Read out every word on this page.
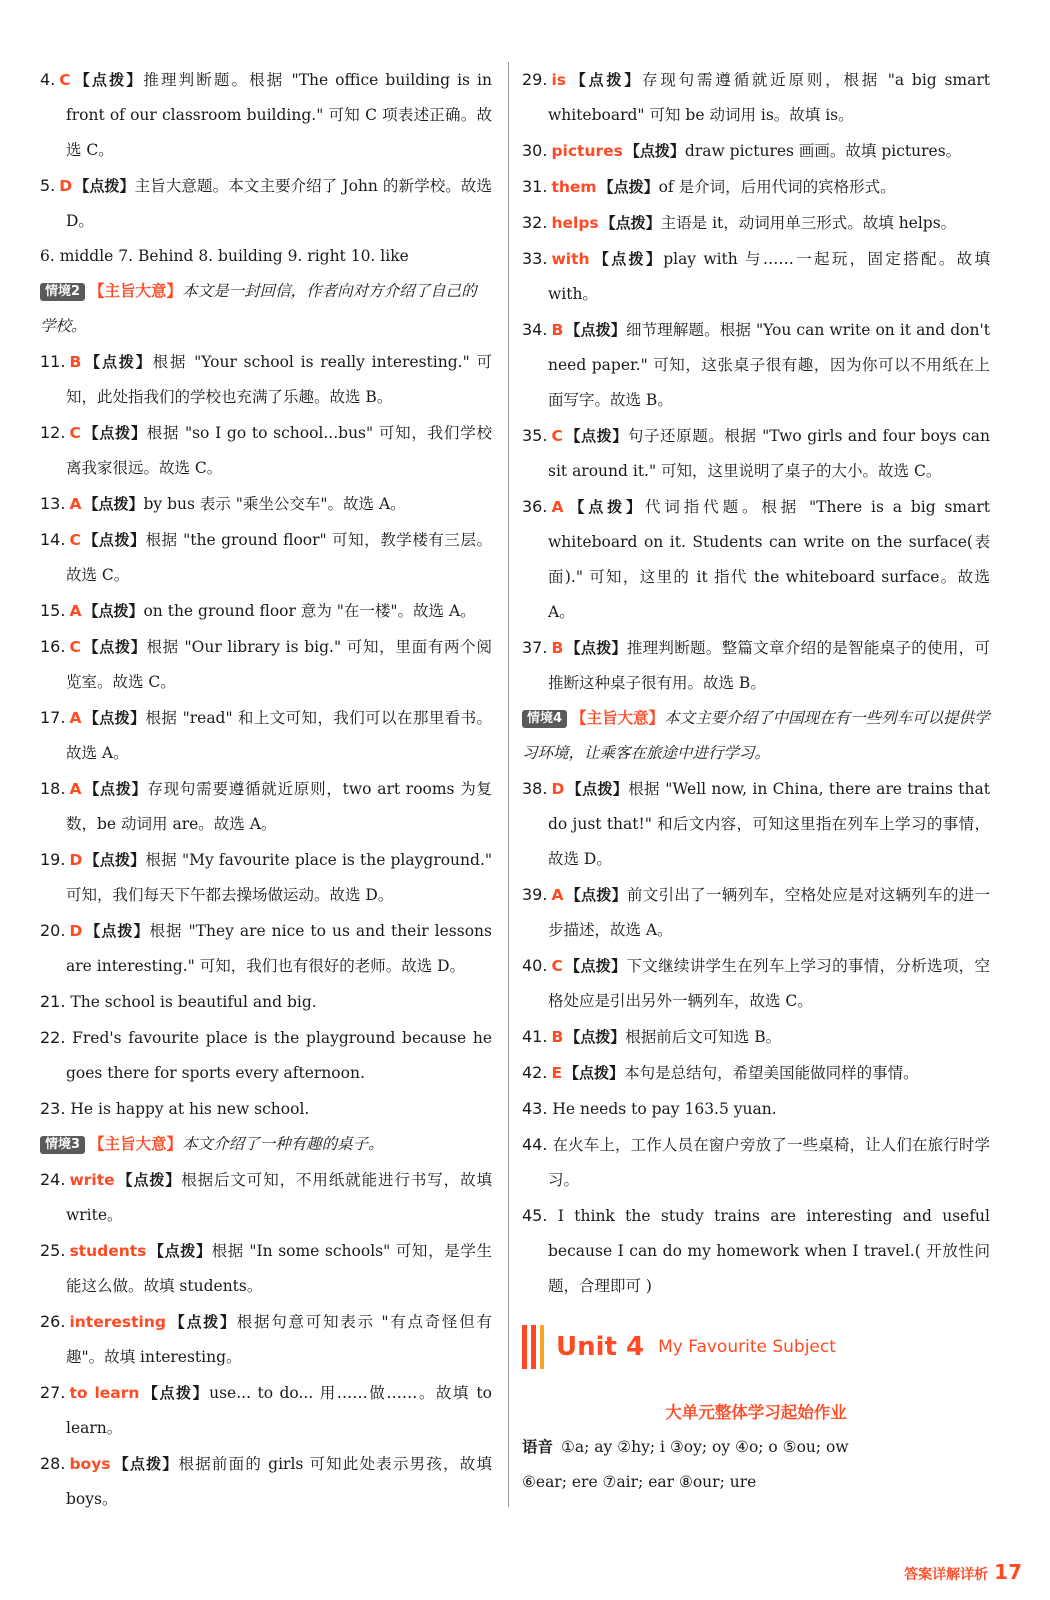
4. C 【点拨】推理判断题。根据 "The office building is in front of our classroom building." 可知 C 项表述正确。故选 C。
5. D 【点拨】主旨大意题。本文主要介绍了 John 的新学校。故选 D。
6. middle 7. Behind 8. building 9. right 10. like
情境2 【主旨大意】本文是一封回信，作者向对方介绍了自己的学校。
11. B 【点拨】根据 "Your school is really interesting." 可知，此处指我们的学校也充满了乐趣。故选 B。
12. C 【点拨】根据 "so I go to school...bus" 可知，我们学校离我家很远。故选 C。
13. A 【点拨】by bus 表示 "乘坐公交车"。故选 A。
14. C 【点拨】根据 "the ground floor" 可知，教学楼有三层。故选 C。
15. A 【点拨】on the ground floor 意为 "在一楼"。故选 A。
16. C 【点拨】根据 "Our library is big." 可知，里面有两个阅览室。故选 C。
17. A 【点拨】根据 "read" 和上文可知，我们可以在那里看书。故选 A。
18. A 【点拨】存现句需要遵循就近原则，two art rooms 为复数，be 动词用 are。故选 A。
19. D 【点拨】根据 "My favourite place is the playground." 可知，我们每天下午都去操场做运动。故选 D。
20. D 【点拨】根据 "They are nice to us and their lessons are interesting." 可知，我们也有很好的老师。故选 D。
21. The school is beautiful and big.
22. Fred's favourite place is the playground because he goes there for sports every afternoon.
23. He is happy at his new school.
情境3 【主旨大意】本文介绍了一种有趣的桌子。
24. write 【点拨】根据后文可知，不用纸就能进行书写，故填 write。
25. students 【点拨】根据 "In some schools" 可知，是学生能这么做。故填 students。
26. interesting 【点拨】根据句意可知表示 "有点奇怪但有趣"。故填 interesting。
27. to learn 【点拨】use... to do... 用……做……。故填 to learn。
28. boys 【点拨】根据前面的 girls 可知此处表示男孩，故填 boys。
29. is 【点拨】存现句需遵循就近原则，根据 "a big smart whiteboard" 可知 be 动词用 is。故填 is。
30. pictures 【点拨】draw pictures 画画。故填 pictures。
31. them 【点拨】of 是介词，后用代词的宾格形式。
32. helps 【点拨】主语是 it，动词用单三形式。故填 helps。
33. with 【点拨】play with 与……一起玩，固定搭配。故填 with。
34. B 【点拨】细节理解题。根据 "You can write on it and don't need paper." 可知，这张桌子很有趣，因为你可以不用纸在上面写字。故选 B。
35. C 【点拨】句子还原题。根据 "Two girls and four boys can sit around it." 可知，这里说明了桌子的大小。故选 C。
36. A 【点拨】代词指代题。根据 "There is a big smart whiteboard on it. Students can write on the surface(表面)." 可知，这里的 it 指代 the whiteboard surface。故选 A。
37. B 【点拨】推理判断题。整篇文章介绍的是智能桌子的使用，可推断这种桌子很有用。故选 B。
情境4 【主旨大意】本文主要介绍了中国现在有一些列车可以提供学习环境，让乘客在旅途中进行学习。
38. D 【点拨】根据 "Well now, in China, there are trains that do just that!" 和后文内容，可知这里指在列车上学习的事情，故选 D。
39. A 【点拨】前文引出了一辆列车，空格处应是对这辆列车的进一步描述，故选 A。
40. C 【点拨】下文继续讲学生在列车上学习的事情，分析选项，空格处应是引出另外一辆列车，故选 C。
41. B 【点拨】根据前后文可知选 B。
42. E 【点拨】本句是总结句，希望美国能做同样的事情。
43. He needs to pay 163.5 yuan.
44. 在火车上，工作人员在窗户旁放了一些桌椅，让人们在旅行时学习。
45. I think the study trains are interesting and useful because I can do my homework when I travel.( 开放性问题，合理即可 )
Unit 4 My Favourite Subject
大单元整体学习起始作业
语音 ①a; ay ②hy; i ③oy; oy ④o; o ⑤ou; ow
⑥ear; ere ⑦air; ear ⑧our; ure
答案详解详析 17
